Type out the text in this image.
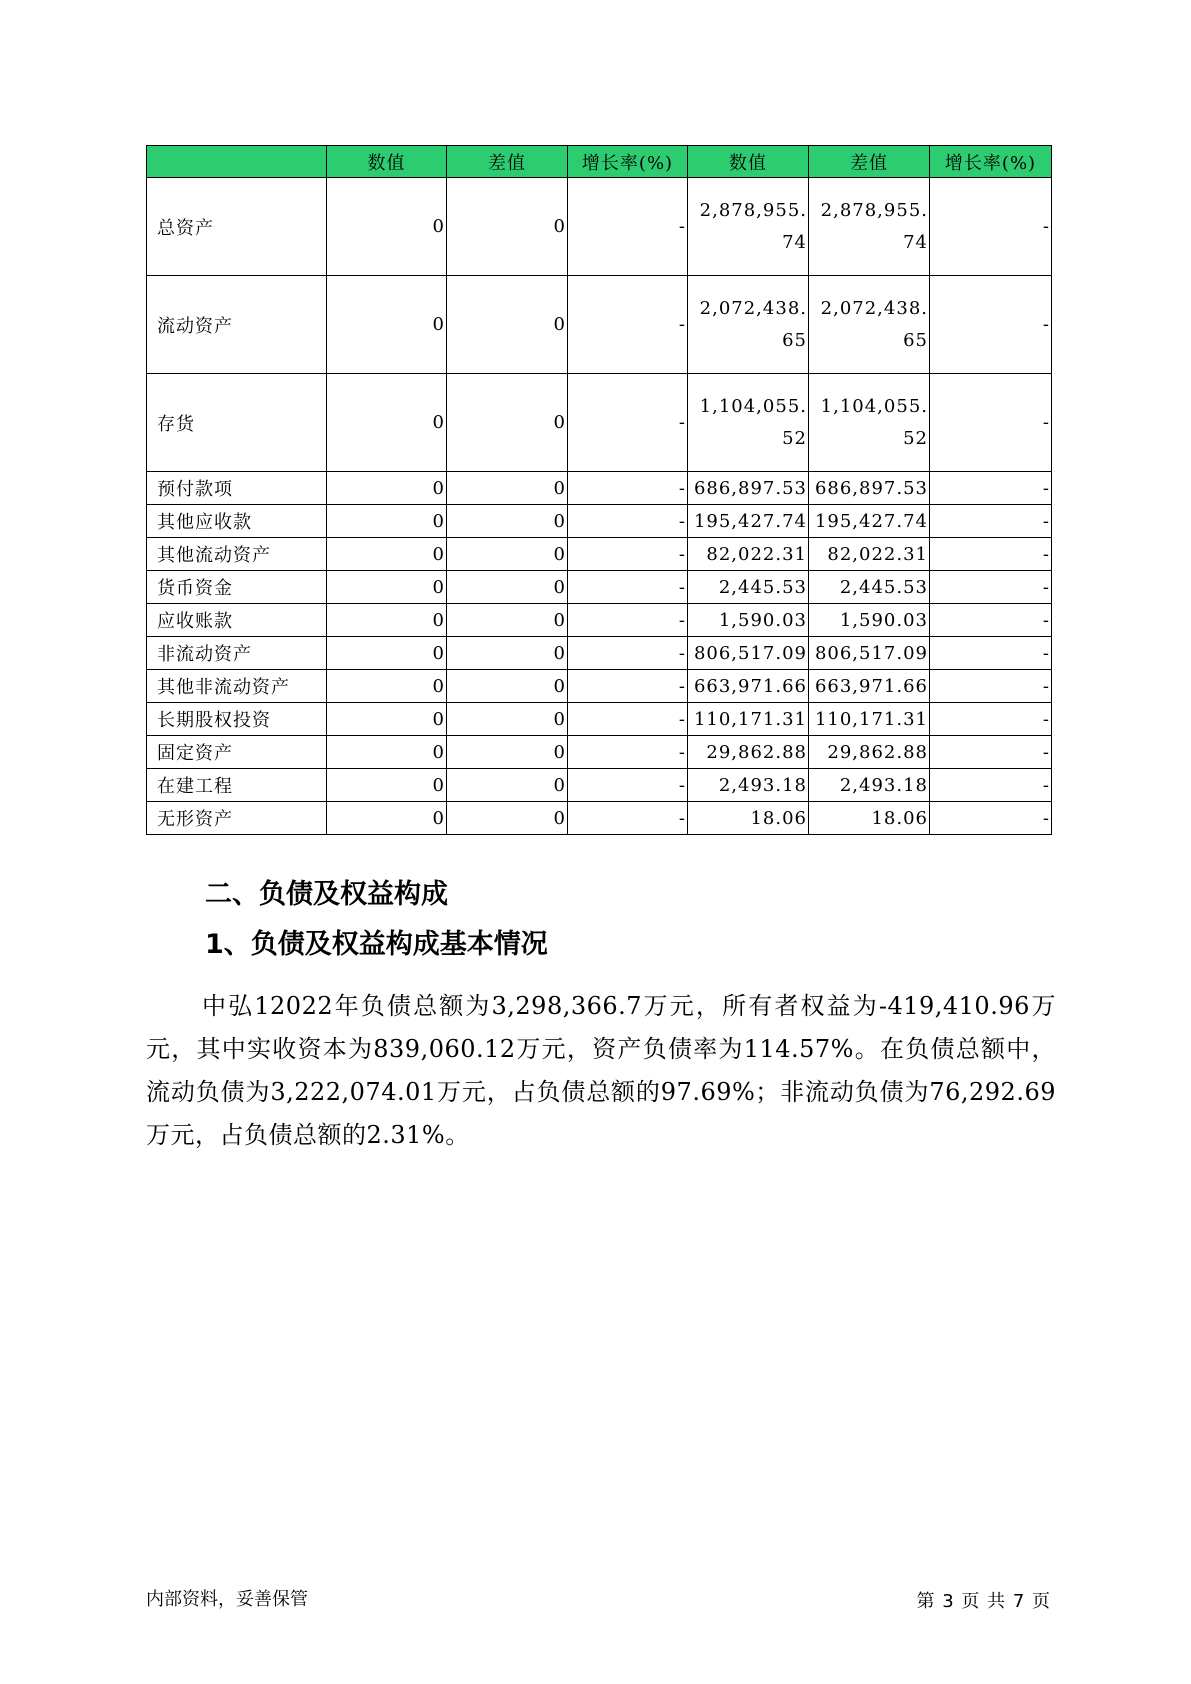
	数值	差值	增长率(%)	数值	差值	增长率(%)
总资产	0	0	-	2,878,955.74	2,878,955.74	-
流动资产	0	0	-	2,072,438.65	2,072,438.65	-
存货	0	0	-	1,104,055.52	1,104,055.52	-
预付款项	0	0	-	686,897.53	686,897.53	-
其他应收款	0	0	-	195,427.74	195,427.74	-
其他流动资产	0	0	-	82,022.31	82,022.31	-
货币资金	0	0	-	2,445.53	2,445.53	-
应收账款	0	0	-	1,590.03	1,590.03	-
非流动资产	0	0	-	806,517.09	806,517.09	-
其他非流动资产	0	0	-	663,971.66	663,971.66	-
长期股权投资	0	0	-	110,171.31	110,171.31	-
固定资产	0	0	-	29,862.88	29,862.88	-
在建工程	0	0	-	2,493.18	2,493.18	-
无形资产	0	0	-	18.06	18.06	-
二、负债及权益构成
1、负债及权益构成基本情况

中弘12022年负债总额为3,298,366.7万元，所有者权益为-419,410.96万元，其中实收资本为839,060.12万元，资产负债率为114.57%。在负债总额中，流动负债为3,222,074.01万元，占负债总额的97.69%；非流动负债为76,292.69万元，占负债总额的2.31%。

内部资料，妥善保管	第 3 页 共 7 页
